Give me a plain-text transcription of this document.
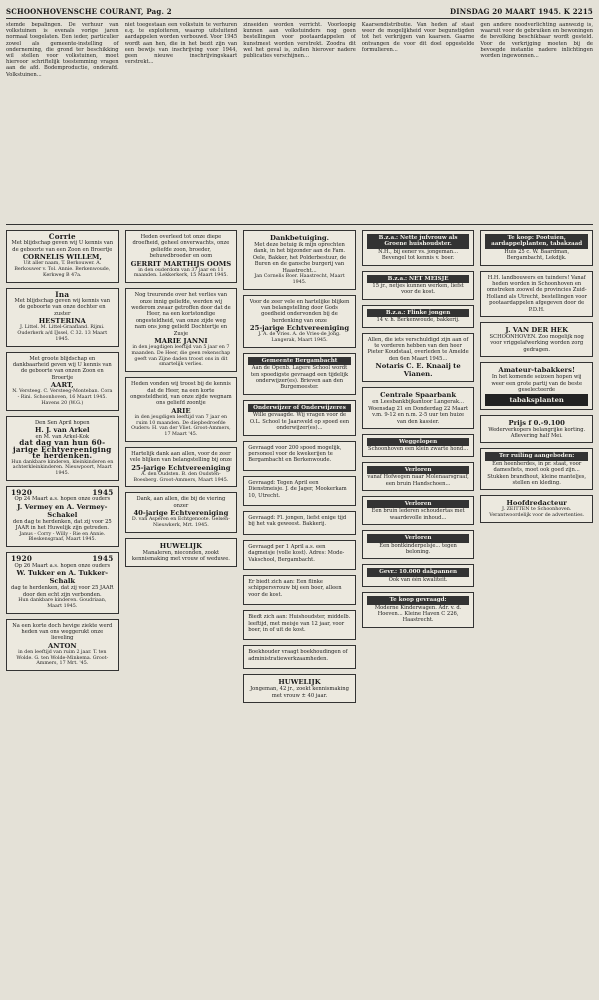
SCHOONHOVENSCHE COURANT, Pag. 2	DINSDAG 20 MAART 1945. K 2215
stemde bepalingen. De verhuur van volkstuinen is evenals vorige jaren normaal toegelaten. Een ieder, particulier zowel als gemeente-instelling of onderneming, die grond ter beschikking wil stellen voor volkstuinen, moet hiervoor schriftelijk toestemming vragen aan de afd. Bodemproductie, onderafd. Volkstuinen...
niet toegestaan een volkstuin te verhuren e.q. te exploiteren, waarop uitsluitend aardappelen worden verbouwd. Voor 1945 wordt aan hen, die in het bezit zijn van een bewijs van inschrijving voor 1944, geen nieuwe inschrijvingskaart verstrekt...
zinseiden worden verricht. Voorloopig kunnen aan volkstuinders nog geen bestellingen voor pootaardappelen of kunstmest worden verstrekt. Zoodra dit wel het geval is, zullen hierover nadere publicaties verschijnen...
Kaarsendistributie. Van heden af staat weer de mogelijkheid voor begunstigden tot het verkrijgen van kaarsen. Gaarne ontvangen de voor dit doel opgestelde formulieren...
gen andere noodverlichting aanwezig is, waaruit voor de gebruiken en bewoningen de bevolking beschikbaar wordt gesteld. Voor de verkrijging moeten bij de bevoegde instantie nadere inlichtingen worden ingewonnen...
Corrie
Met blijdschap geven wij U kennis van de geboorte van een Zoon en Broertje
CORNELIS WILLEM,
Uit aller naam, T. Berkouwer. A. Berkouwer v. Tol. Annie. Berkenwoude, Kerkweg B 47a.
Ina
Met blijdschap geven wij kennis van de geboorte van onze dochter en zuster
HESTERINA
J. Littel. M. Littel-Graafland. Rijmi. Ouderkerk a/d IJssel, C 32. 13 Maart 1945.
Met groote blijdschap en dankbaarheid geven wij U kennis van de geboorte van onzen Zoon en Broertje
AART,
N. Versteeg. C. Versteeg-Monteban. Cora - Rini. Schoonhoven, 16 Maart 1945. Havens 20 (W.G.)
Den Sen April hopen
H. J. van Arkel
en M. van Arkel-Kok
dat dag van hun 60-jarige Echtvereeniging te herdenken.
Hun dankbare kinderen, kleinkinderen en achterkleinkinderen. Nieuwpoort, Maart 1945.
1920	1945
Op 24 Maart a.s. hopen onze ouders
J. Vermey en A. Vermey-Schakel
den dag te herdenken, dat zij voor 25 JAAR in het Huwelijk zijn getreden.
Janus - Corry - Willy - Rie en Annie. Bleskensgraaf, Maart 1945.
1920	1945
Op 26 Maart a.s. hopen onze ouders
W. Tukker en A. Tukker-Schalk
dag te herdenken, dat zij voor 25 JAAR door den echt zijn verbonden.
Hun dankbare kinderen. Goudriaan, Maart 1945.
Na een korte doch hevige ziekte werd heden van ons weggerukt onze lieveling
ANTON
in den leeftijd van ruim 2 jaar. T. ten Wolde. G. ten Wolde-Minkema. Groot-Ammers, 17 Mrt. '45.
Heden overleed tot onze diepe droefheid, geheel onverwachts, onze geliefde zoon, broeder, behuwdbroeder en oom
GERRIT MARTHIJS OOMS
in den ouderdom van 37 jaar en 11 maanden. Lekkerkerk, 15 Maart 1945.
Nog treurende over het verlies van onze innig geliefde, werden wij wederom zwaar getroffen door dat de Heer, na een kortstondige ongesteldheid, van onze zijde weg nam ons jong geliefd Dochtertje en Zusje
MARIE JANNI
in den jeugdigen leeftijd van 5 jaar en 7 maanden. De Heer, die geen rekenschap geeft van Zijne daden troost ons in dit smartelijk verlies.
Heden vonden wij troost bij de kennis dat de Heer, na een korte ongesteldheid, van onze zijde wegnam ons geliefd zoontje
ARIE
in den jeugdigen leeftijd van 7 jaar en ruim 10 maanden. De diepbedroefde Ouders: H. van der Vliet. Groot-Ammers, 17 Maart '45.
Hartelijk dank aan allen, voor de zeer vele blijken van belangstelling bij onze
25-jarige Echtvereeniging
A. den Oudsten. B. den Oudsten-Boesberg. Groot-Ammers, Maart 1945.
Dank, aan allen, die bij de viering onzer
40-jarige Echtvereniging
D. van Asperen en Echtgenoote. Gelsen-Nieuwkerk, Mrt. 1945.
HUWELIJK
Manaleren, nieconden, zookt kennismaking met vrouw of weduwe.
Dankbetuiging.
Met deze betuig ik mijn oprechten dank, in het bijzonder aan de Fam. Oele, Bakker, het Polderbestuur, de Buren en de gansche burgerij van Haastrecht...
Jan Cornelis Boer. Haastrecht, Maart 1945.
Voor de zeer vele en hartelijke blijken van belangstelling door Gods goedheid ondervonden bij de herdenking van onze
25-jarige Echtvereeniging
J. A. de Vries. A. de Vries-de Jong. Langerak, Maart 1945.
Gemeente Bergambacht
Aan de Openb. Lagere School wordt ten spoedigste gevraagd een tijdelijk onderwijzer(es). Brieven aan den Burgemeester.
Onderwijzer of Onderwijzeres
Wille gevaagde. Wij vragen voor de O.L. School te Jaarsveld op spoed een onderwijzer(es)...

Gevraagd voor 200 spoed mogelijk, personeel voor de kwekerijen te Bergambacht en Berkenwoude.

Gevraagd: Tegen April een Dienstmeisje. J. de Jager, Mookerkam 10, Utrecht.

Gevraagd: Fl. jongen, liefst enige tijd bij het vak geweest. Bakkerij.

Gevraagd per 1 April a.s. een dagmeisje (volle kost). Adres: Mode-Vakschool, Bergambacht.

Er biedt zich aan: Een flinke schippersvrouw bij een boer, alleen voor de kost.

Biedt zich aan: Huishoudster, middelb. leeftijd, met meisje van 12 jaar, voor boer, in of uit de kost.

Boekhouder vraagt boekhoudingen of administratiewerkzaamheden.

HUWELIJK
Jongeman, 42 jr., zoekt kennismaking met vrouw ± 40 jaar.
B.z.a.: Nette jufvrouw als Groene huishoudster.
N.H., bij eener vs. jongeman... Bevengel tot kennis v. boer.
B.z.a.: NET MEISJE
15 jr., netjes kunnen werken, liefst voor de kost.
B.z.a.: Flinke jongen
14 v. h. Berkenwoude, bakkerij.
Allen, die iets verschuldigd zijn aan of te vorderen hebben van den heer Pieter Koudstaal, overleden te Amelde den 6en Maart 1945...
Notaris C. E. Knaaij te Vianen.
Centrale Spaarbank
en Leesbankbijkantoor Langerak... Woensdag 21 en Donderdag 22 Maart v.m. 9-12 en n.m. 2-5 uur ten huize van den kassier.
Weggelopen
Schoonhoven een klein zwarte hond...
Verloren
vanaf Hofwegen naar Molenaarsgraaf, een bruin Handschoen...
Verloren
Een bruin lederen schoudertas met waardevolle inhoud...
Verloren
Een bontkinderpelsje... tegen beloning.
Gevr.: 10.000 dakpannen
Ook van één kwaliteit.
Te koop gevraagd:
Moderne Kinderwagen. Adr. v. d. Hoeven... Kleine Haven C 226, Haastrecht.
Te koop: Pootuien, aardappelplanten, tabakzaad
Huis 25 c. W. Baardman, Bergambacht, Lekdijk.
H.H. landbouwers en tuinders! Vanaf heden worden in Schoonhoven en omstreken zoowel de provincies Zuid-Holland als Utrecht, bestellingen voor pootaardappelen afgegeven door de P.D.H.
J. VAN DER HEK
SCHOONHOVEN. Zoo mogelijk nog voor vriggelafwerking worden zorg gedragen.
Amateur-tabakkers!
In het komende seizoen hopen wij weer een grote partij van de beste geselecteerde
tabaksplanten
Prijs f 0.-9.100
Wederverkopers belangrijke korting. Aflevering half Mei.
Ter ruiling aangeboden:
Een heenherdes, in pr. staat, voor damesfiets, moet ook goed zijn... Stukken brandhout, kleine manteljes, stellen en kleding.
Hoofdredacteur
J. ZEITTEN te Schoonhoven. Verantwoordelijk voor de advertenties.
